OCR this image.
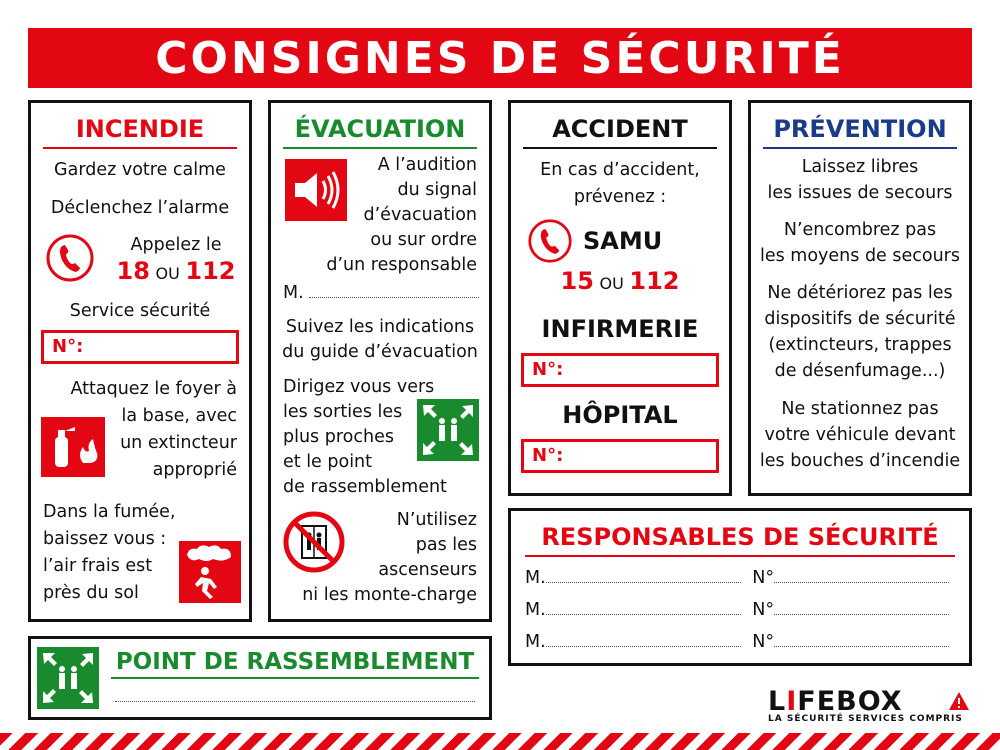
CONSIGNES DE SÉCURITÉ
INCENDIE
Gardez votre calme
Déclenchez l’alarme
Appelez le
18 OU 112
Service sécurité
N°:
Attaquez le foyer à
la base, avec
un extincteur
approprié
Dans la fumée,
baissez vous :
l’air frais est
près du sol
ÉVACUATION
A l’audition
du signal
d’évacuation
ou sur ordre
d’un responsable
M.
Suivez les indications
du guide d’évacuation
Dirigez vous vers
les sorties les
plus proches
et le point
de rassemblement
N’utilisez
pas les
ascenseurs
ni les monte-charge
ACCIDENT
En cas d’accident,
prévenez :
SAMU
15 OU 112
INFIRMERIE
N°:
HÔPITAL
N°:
PRÉVENTION
Laissez libres
les issues de secours
N’encombrez pas
les moyens de secours
Ne détériorez pas les
dispositifs de sécurité
(extincteurs, trappes
de désenfumage...)
Ne stationnez pas
votre véhicule devant
les bouches d’incendie
RESPONSABLES DE SÉCURITÉ
M.	N°
M.	N°
M.	N°
POINT DE RASSEMBLEMENT
LIFEBOX
LA SÉCURITÉ SERVICES COMPRIS
